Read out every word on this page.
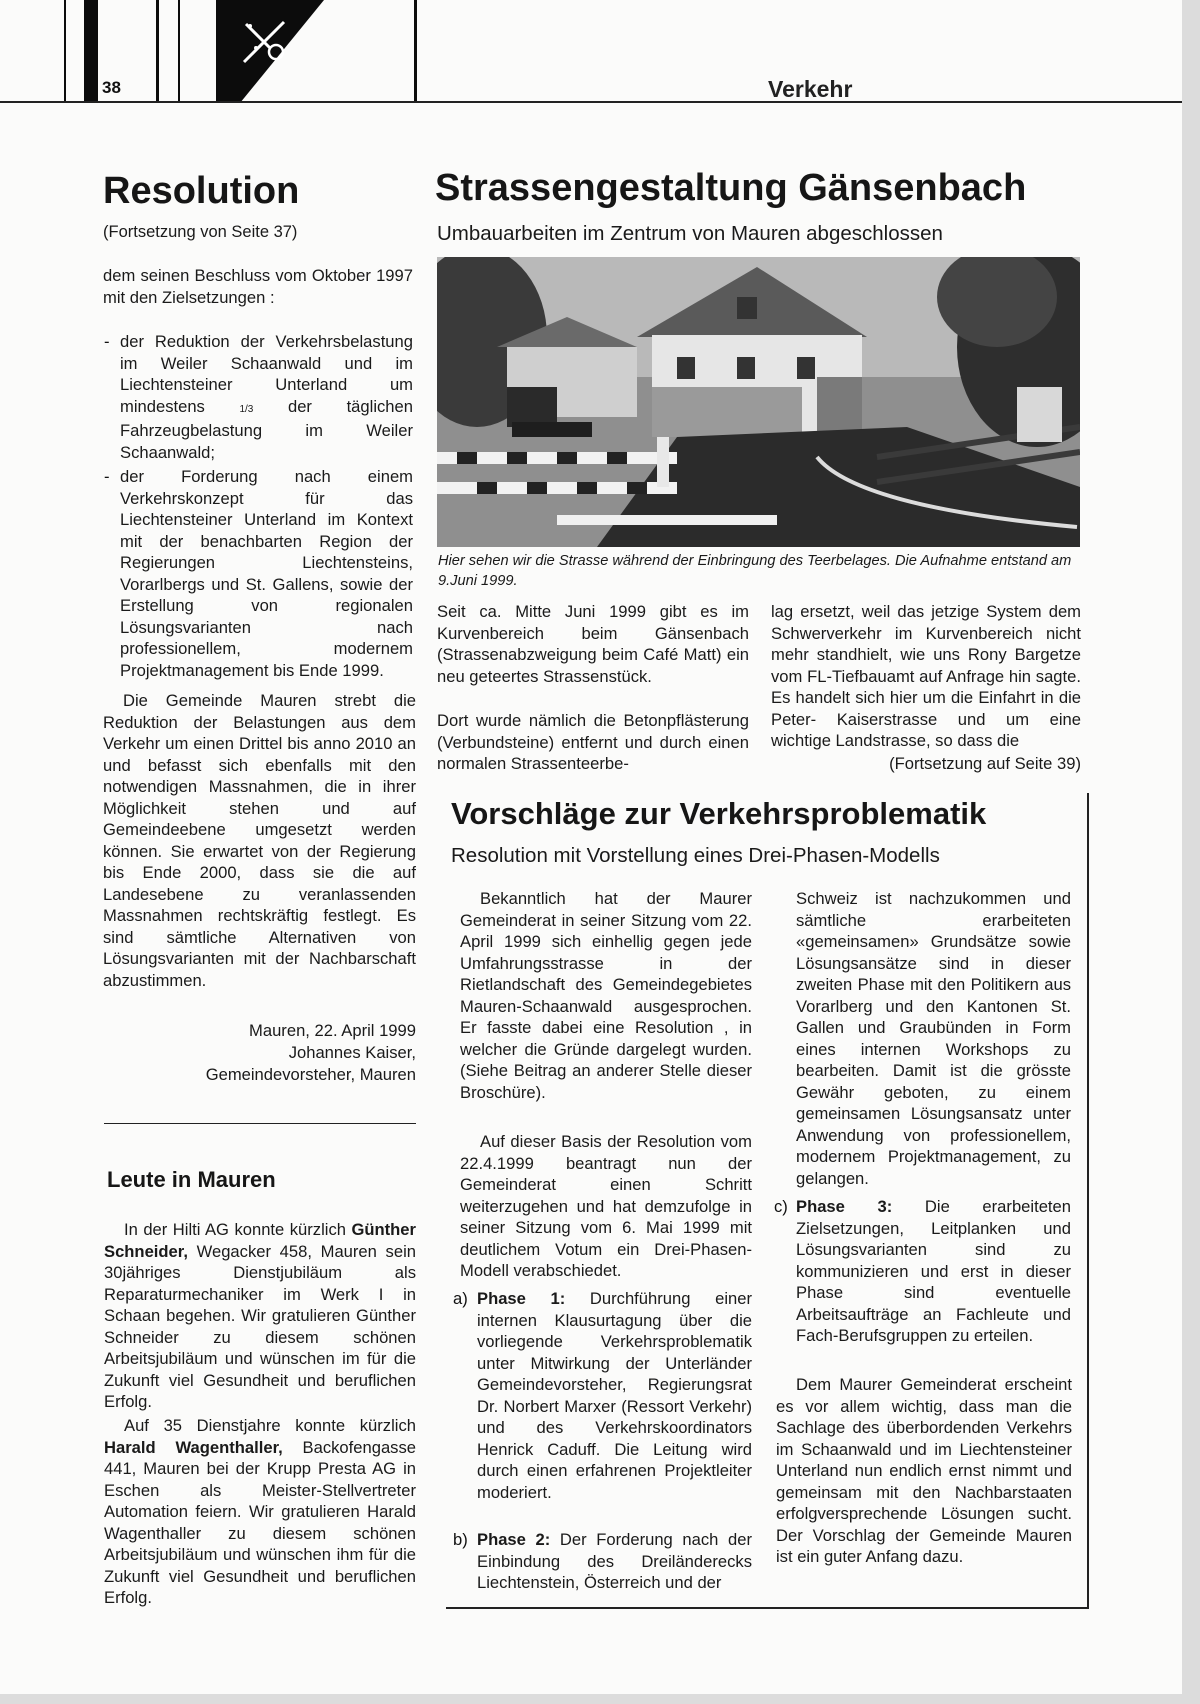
38	Verkehr
Resolution

(Fortsetzung von Seite 37)

dem seinen Beschluss vom Oktober 1997 mit den Zielsetzungen :

- der Reduktion der Verkehrsbelastung im Weiler Schaanwald und im Liechtensteiner Unterland um mindestens 1/3 der täglichen Fahrzeugbelastung im Weiler Schaanwald;

- der Forderung nach einem Verkehrskonzept für das Liechtensteiner Unterland im Kontext mit der benachbarten Region der Regierungen Liechtensteins, Vorarlbergs und St. Gallens, sowie der Erstellung von regionalen Lösungsvarianten nach professionellem, modernem Projektmanagement bis Ende 1999.

Die Gemeinde Mauren strebt die Reduktion der Belastungen aus dem Verkehr um einen Drittel bis anno 2010 an und befasst sich ebenfalls mit den notwendigen Massnahmen, die in ihrer Möglichkeit stehen und auf Gemeindeebene umgesetzt werden können. Sie erwartet von der Regierung bis Ende 2000, dass sie die auf Landesebene zu veranlassenden Massnahmen rechtskräftig festlegt. Es sind sämtliche Alternativen von Lösungsvarianten mit der Nachbarschaft abzustimmen.

Mauren, 22. April 1999

Johannes Kaiser,

Gemeindevorsteher, Mauren

Leute in Mauren

In der Hilti AG konnte kürzlich Günther Schneider, Wegacker 458, Mauren sein 30jähriges Dienstjubiläum als Reparaturmechaniker im Werk I in Schaan begehen. Wir gratulieren Günther Schneider zu diesem schönen Arbeitsjubiläum und wünschen im für die Zukunft viel Gesundheit und beruflichen Erfolg.

Auf 35 Dienstjahre konnte kürzlich Harald Wagenthaller, Backofengasse 441, Mauren bei der Krupp Presta AG in Eschen als Meister-Stellvertreter Automation feiern. Wir gratulieren Harald Wagenthaller zu diesem schönen Arbeitsjubiläum und wünschen ihm für die Zukunft viel Gesundheit und beruflichen Erfolg.

Strassengestaltung Gänsenbach

Umbauarbeiten im Zentrum von Mauren abgeschlossen

Hier sehen wir die Strasse während der Einbringung des Teerbelages. Die Aufnahme entstand am 9.Juni 1999.

Seit ca. Mitte Juni 1999 gibt es im Kurvenbereich beim Gänsenbach (Strassenabzweigung beim Café Matt) ein neu geteertes Strassenstück.

Dort wurde nämlich die Betonpflästerung (Verbundsteine) entfernt und durch einen normalen Strassenteerbe-

lag ersetzt, weil das jetzige System dem Schwerverkehr im Kurvenbereich nicht mehr standhielt, wie uns Rony Bargetze vom FL-Tiefbauamt auf Anfrage hin sagte. Es handelt sich hier um die Einfahrt in die Peter- Kaiserstrasse und um eine wichtige Landstrasse, so dass die

(Fortsetzung auf Seite 39)

Vorschläge zur Verkehrsproblematik

Resolution mit Vorstellung eines Drei-Phasen-Modells

Bekanntlich hat der Maurer Gemeinderat in seiner Sitzung vom 22. April 1999 sich einhellig gegen jede Umfahrungsstrasse in der Rietlandschaft des Gemeindegebietes Mauren-Schaanwald ausgesprochen. Er fasste dabei eine Resolution , in welcher die Gründe dargelegt wurden. (Siehe Beitrag an anderer Stelle dieser Broschüre).

Auf dieser Basis der Resolution vom 22.4.1999 beantragt nun der Gemeinderat einen Schritt weiterzugehen und hat demzufolge in seiner Sitzung vom 6. Mai 1999 mit deutlichem Votum ein Drei-Phasen-Modell verabschiedet.

a) Phase 1: Durchführung einer internen Klausurtagung über die vorliegende Verkehrsproblematik unter Mitwirkung der Unterländer Gemeindevorsteher, Regierungsrat Dr. Norbert Marxer (Ressort Verkehr) und des Verkehrskoordinators Henrick Caduff. Die Leitung wird durch einen erfahrenen Projektleiter moderiert.

b) Phase 2: Der Forderung nach der Einbindung des Dreiländerecks Liechtenstein, Österreich und der

Schweiz ist nachzukommen und sämtliche erarbeiteten «gemeinsamen» Grundsätze sowie Lösungsansätze sind in dieser zweiten Phase mit den Politikern aus Vorarlberg und den Kantonen St. Gallen und Graubünden in Form eines internen Workshops zu bearbeiten. Damit ist die grösste Gewähr geboten, zu einem gemeinsamen Lösungsansatz unter Anwendung von professionellem, modernem Projektmanagement, zu gelangen.

c) Phase 3: Die erarbeiteten Zielsetzungen, Leitplanken und Lösungsvarianten sind zu kommunizieren und erst in dieser Phase sind eventuelle Arbeitsaufträge an Fachleute und Fach-Berufsgruppen zu erteilen.

Dem Maurer Gemeinderat erscheint es vor allem wichtig, dass man die Sachlage des überbordenden Verkehrs im Schaanwald und im Liechtensteiner Unterland nun endlich ernst nimmt und gemeinsam mit den Nachbarstaaten erfolgversprechende Lösungen sucht. Der Vorschlag der Gemeinde Mauren ist ein guter Anfang dazu.
